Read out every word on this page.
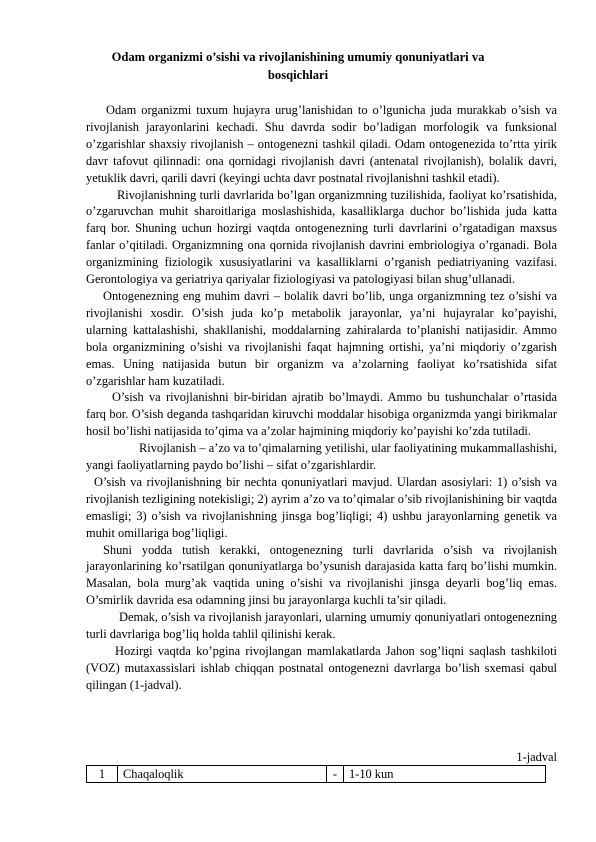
Odam organizmi o’sishi va rivojlanishining umumiy qonuniyatlari va bosqichlari

Odam organizmi tuxum hujayra urug’lanishidan to o’lgunicha juda murakkab o’sish va rivojlanish jarayonlarini kechadi. Shu davrda sodir bo’ladigan morfologik va funksional o’zgarishlar shaxsiy rivojlanish – ontogenezni tashkil qiladi. Odam ontogenezida to’rtta yirik davr tafovut qilinnadi: ona qornidagi rivojlanish davri (antenatal rivojlanish), bolalik davri, yetuklik davri, qarili davri (keyingi uchta davr postnatal rivojlanishni tashkil etadi).

Rivojlanishning turli davrlarida bo’lgan organizmning tuzilishida, faoliyat ko’rsatishida, o’zgaruvchan muhit sharoitlariga moslashishida, kasalliklarga duchor bo’lishida juda katta farq bor. Shuning uchun hozirgi vaqtda ontogenezning turli davrlarini o’rgatadigan maxsus fanlar o’qitiladi. Organizmning ona qornida rivojlanish davrini embriologiya o’rganadi. Bola organizmining fiziologik xususiyatlarini va kasalliklarni o’rganish pediatriyaning vazifasi. Gerontologiya va geriatriya qariyalar fiziologiyasi va patologiyasi bilan shug’ullanadi.

Ontogenezning eng muhim davri – bolalik davri bo’lib, unga organizmning tez o’sishi va rivojlanishi xosdir. O’sish juda ko’p metabolik jarayonlar, ya’ni hujayralar ko’payishi, ularning kattalashishi, shakllanishi, moddalarning zahiralarda to’planishi natijasidir. Ammo bola organizmining o’sishi va rivojlanishi faqat hajmning ortishi, ya’ni miqdoriy o’zgarish emas. Uning natijasida butun bir organizm va a’zolarning faoliyat ko’rsatishida sifat o’zgarishlar ham kuzatiladi.

O’sish va rivojlanishni bir-biridan ajratib bo’lmaydi. Ammo bu tushunchalar o’rtasida farq bor. O’sish deganda tashqaridan kiruvchi moddalar hisobiga organizmda yangi birikmalar hosil bo’lishi natijasida to’qima va a’zolar hajmining miqdoriy ko’payishi ko’zda tutiladi.

Rivojlanish – a’zo va to’qimalarning yetilishi, ular faoliyatining mukammallashishi, yangi faoliyatlarning paydo bo’lishi – sifat o’zgarishlardir.

O’sish va rivojlanishning bir nechta qonuniyatlari mavjud. Ulardan asosiylari: 1) o’sish va rivojlanish tezligining notekisligi; 2) ayrim a’zo va to’qimalar o’sib rivojlanishining bir vaqtda emasligi; 3) o’sish va rivojlanishning jinsga bog’liqligi; 4) ushbu jarayonlarning genetik va muhit omillariga bog’liqligi.

Shuni yodda tutish kerakki, ontogenezning turli davrlarida o’sish va rivojlanish jarayonlarining ko’rsatilgan qonuniyatlarga bo’ysunish darajasida katta farq bo’lishi mumkin. Masalan, bola murg’ak vaqtida uning o’sishi va rivojlanishi jinsga deyarli bog’liq emas. O’smirlik davrida esa odamning jinsi bu jarayonlarga kuchli ta’sir qiladi.

Demak, o’sish va rivojlanish jarayonlari, ularning umumiy qonuniyatlari ontogenezning turli davrlariga bog’liq holda tahlil qilinishi kerak.

Hozirgi vaqtda ko’pgina rivojlangan mamlakatlarda Jahon sog’liqni saqlash tashkiloti (VOZ) mutaxassislari ishlab chiqqan postnatal ontogenezni davrlarga bo’lish sxemasi qabul qilingan (1-jadval).

1-jadval
1	Chaqaloqlik	-	1-10 kun
